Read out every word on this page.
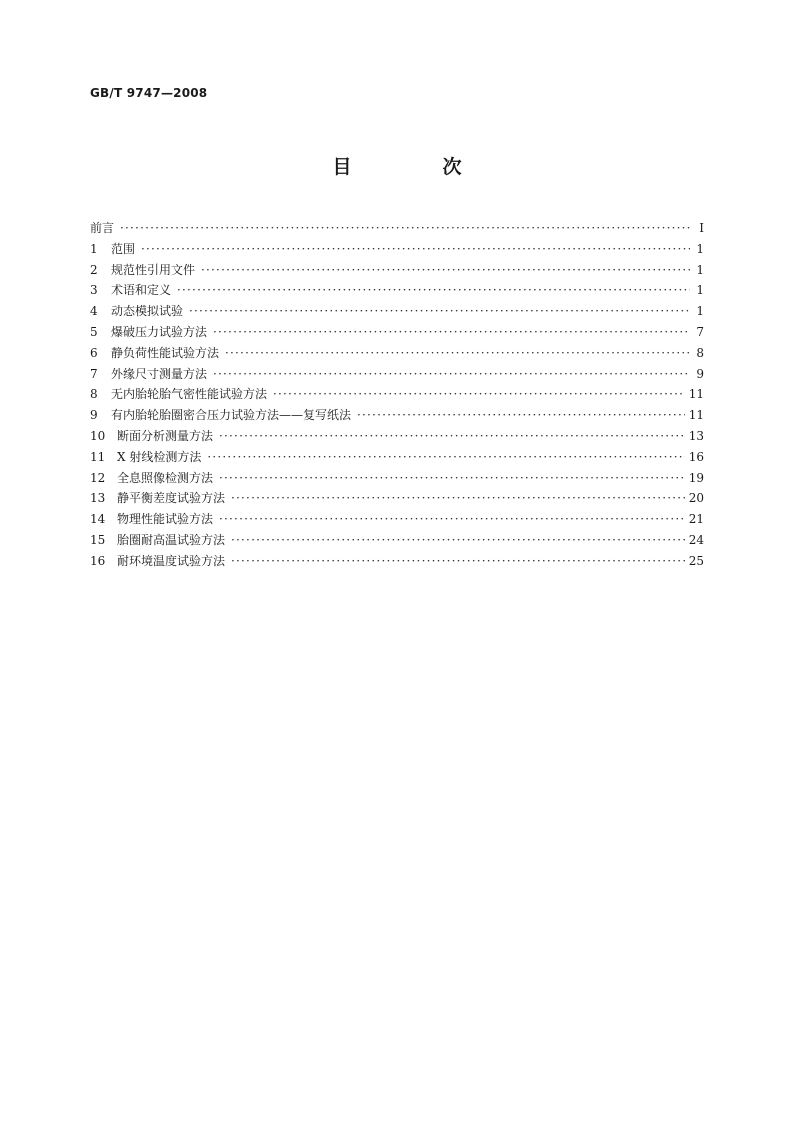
GB/T 9747—2008
目　次
前言 ·····	I
1	范围 ·····	1
2	规范性引用文件 ·····	1
3	术语和定义 ·····	1
4	动态模拟试验 ·····	1
5	爆破压力试验方法 ·····	7
6	静负荷性能试验方法 ·····	8
7	外缘尺寸测量方法 ·····	9
8	无内胎轮胎气密性能试验方法 ·····	11
9	有内胎轮胎圈密合压力试验方法——复写纸法 ·····	11
10 断面分析测量方法 ·····	13
11 X 射线检测方法 ·····	16
12 全息照像检测方法 ·····	19
13 静平衡差度试验方法 ·····	20
14 物理性能试验方法 ·····	21
15 胎圈耐高温试验方法 ·····	24
16 耐环境温度试验方法 ·····	25
